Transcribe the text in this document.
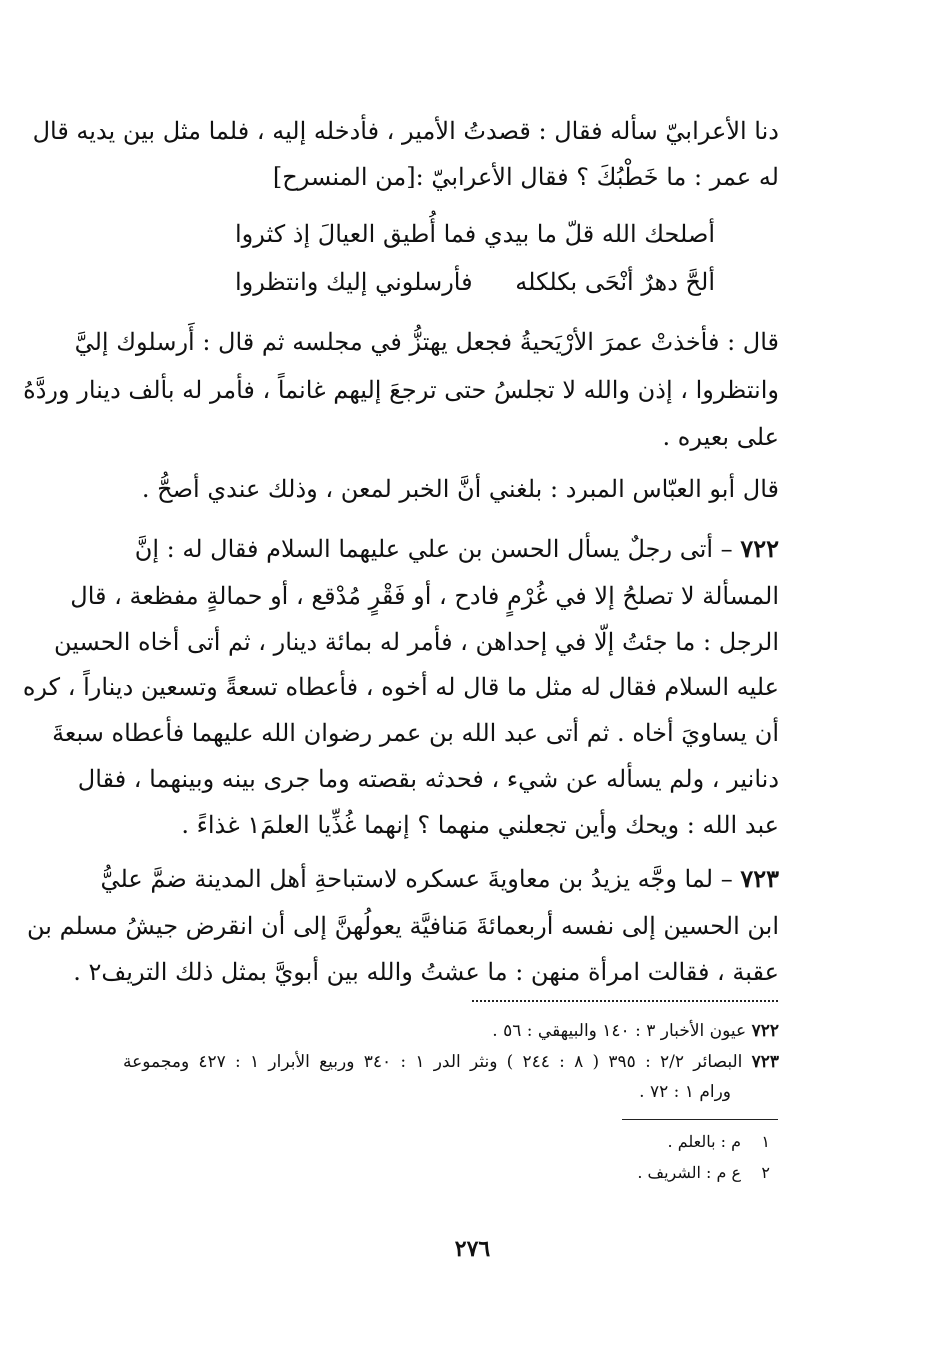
دنا الأعرابيّ سأله فقال : قصدتُ الأمير ، فأدخله إليه ، فلما مثل بين يديه قال
له عمر : ما خَطْبُكَ ؟ فقال الأعرابيّ :[من المنسرح]
أصلحك الله قلّ ما بيدي
فما أُطيق العيالَ إذ كثروا
ألحَّ دهرٌ أنْحَى بكلكله
فأرسلوني إليك وانتظروا
قال : فأخذتْ عمرَ الأرْيَحيةُ فجعل يهتزُّ في مجلسه ثم قال : أَرسلوك إليَّ
وانتظروا ، إذن والله لا تجلسُ حتى ترجعَ إليهم غانماً ، فأمر له بألف دينار وردَّهُ
على بعيره .
قال أبو العبّاس المبرد : بلغني أنَّ الخبر لمعن ، وذلك عندي أصحُّ .
٧٢٢ – أتى رجلٌ يسأل الحسن بن علي عليهما السلام فقال له : إنَّ
المسألة لا تصلحُ إلا في غُرْمٍ فادح ، أو فَقْرٍ مُدْقع ، أو حمالةٍ مفظعة ، قال
الرجل : ما جئتُ إلّا في إحداهن ، فأمر له بمائة دينار ، ثم أتى أخاه الحسين
عليه السلام فقال له مثل ما قال له أخوه ، فأعطاه تسعةً وتسعين ديناراً ، كره
أن يساويَ أخاه . ثم أتى عبد الله بن عمر رضوان الله عليهما فأعطاه سبعةَ
دنانير ، ولم يسأله عن شيء ، فحدثه بقصته وما جرى بينه وبينهما ، فقال
عبد الله : ويحك وأين تجعلني منهما ؟ إنهما غُذِّيا العلمَ١ غذاءً .
٧٢٣ – لما وجَّه يزيدُ بن معاويةَ عسكره لاستباحةِ أهل المدينة ضمَّ عليُّ
ابن الحسين إلى نفسه أربعمائةَ مَنافيَّة يعولُهنَّ إلى أن انقرض جيشُ مسلم بن
عقبة ، فقالت امرأة منهن : ما عشتُ والله بين أبويَّ بمثل ذلك التريف٢ .
٧٢٢ عيون الأخبار ٣ : ١٤٠ والبيهقي : ٥٦ .
٧٢٣ البصائر ٢/٢ : ٣٩٥ ( ٨ : ٢٤٤ ) ونثر الدر ١ : ٣٤٠ وربيع الأبرار ١ : ٤٢٧ ومجموعة
ورام ١ : ٧٢ .
١    م : بالعلم .
٢    ع م : الشريف .
٢٧٦
